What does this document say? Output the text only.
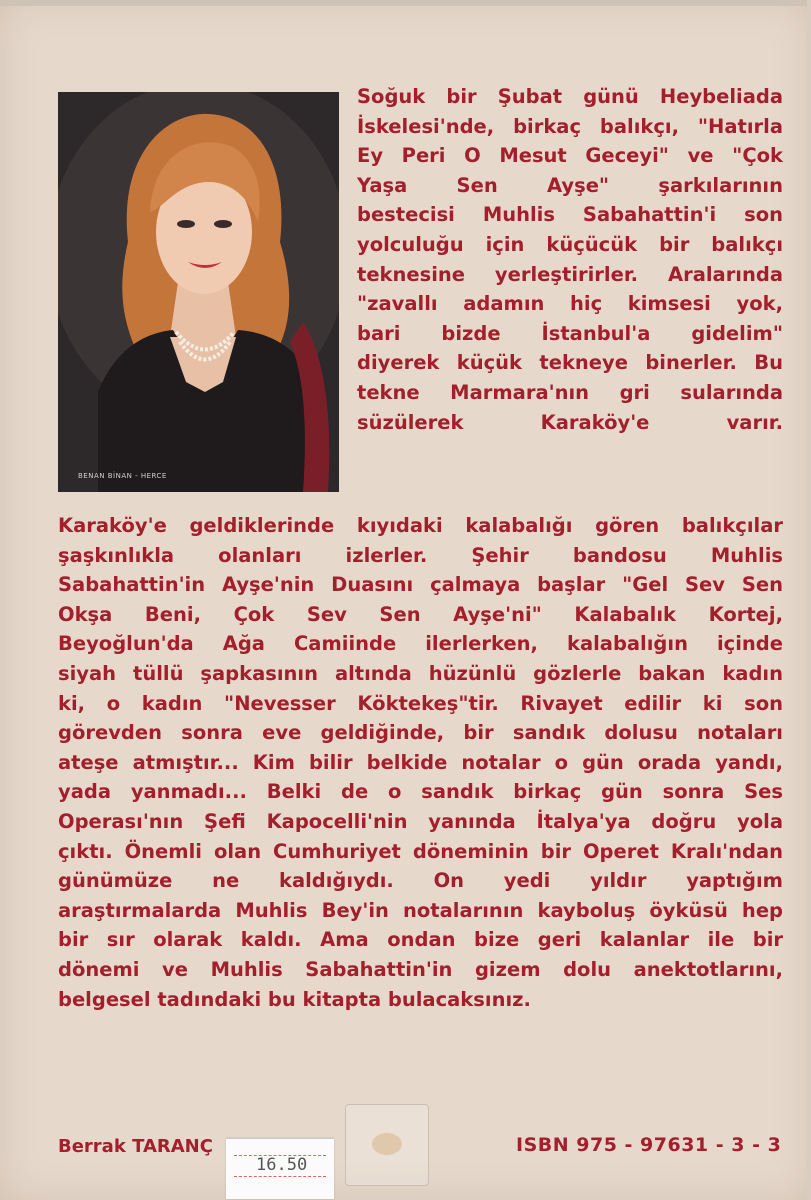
BENAN BİNAN - HERCE
Soğuk bir Şubat günü Heybeliada
İskelesi'nde, birkaç balıkçı, "Hatırla
Ey Peri O Mesut Geceyi" ve "Çok
Yaşa Sen Ayşe" şarkılarının
bestecisi Muhlis Sabahattin'i son
yolculuğu için küçücük bir balıkçı
teknesine yerleştirirler. Aralarında
"zavallı adamın hiç kimsesi yok,
bari bizde İstanbul'a gidelim"
diyerek küçük tekneye binerler. Bu
tekne Marmara'nın gri sularında
süzülerek Karaköy'e varır.
Karaköy'e geldiklerinde kıyıdaki kalabalığı gören balıkçılar
şaşkınlıkla olanları izlerler. Şehir bandosu Muhlis
Sabahattin'in Ayşe'nin Duasını çalmaya başlar "Gel Sev Sen
Okşa Beni, Çok Sev Sen Ayşe'ni" Kalabalık Kortej,
Beyoğlun'da Ağa Camiinde ilerlerken, kalabalığın içinde
siyah tüllü şapkasının altında hüzünlü gözlerle bakan kadın
ki, o kadın "Nevesser Köktekeş"tir. Rivayet edilir ki son
görevden sonra eve geldiğinde, bir sandık dolusu notaları
ateşe atmıştır... Kim bilir belkide notalar o gün orada yandı,
yada yanmadı... Belki de o sandık birkaç gün sonra Ses
Operası'nın Şefi Kapocelli'nin yanında İtalya'ya doğru yola
çıktı. Önemli olan Cumhuriyet döneminin bir Operet Kralı'ndan
günümüze ne kaldığıydı. On yedi yıldır yaptığım
araştırmalarda Muhlis Bey'in notalarının kayboluş öyküsü hep
bir sır olarak kaldı. Ama ondan bize geri kalanlar ile bir
dönemi ve Muhlis Sabahattin'in gizem dolu anektotlarını,
belgesel tadındaki bu kitapta bulacaksınız.
Berrak TARANÇ	ISBN 975 - 97631 - 3 - 3
16.50
